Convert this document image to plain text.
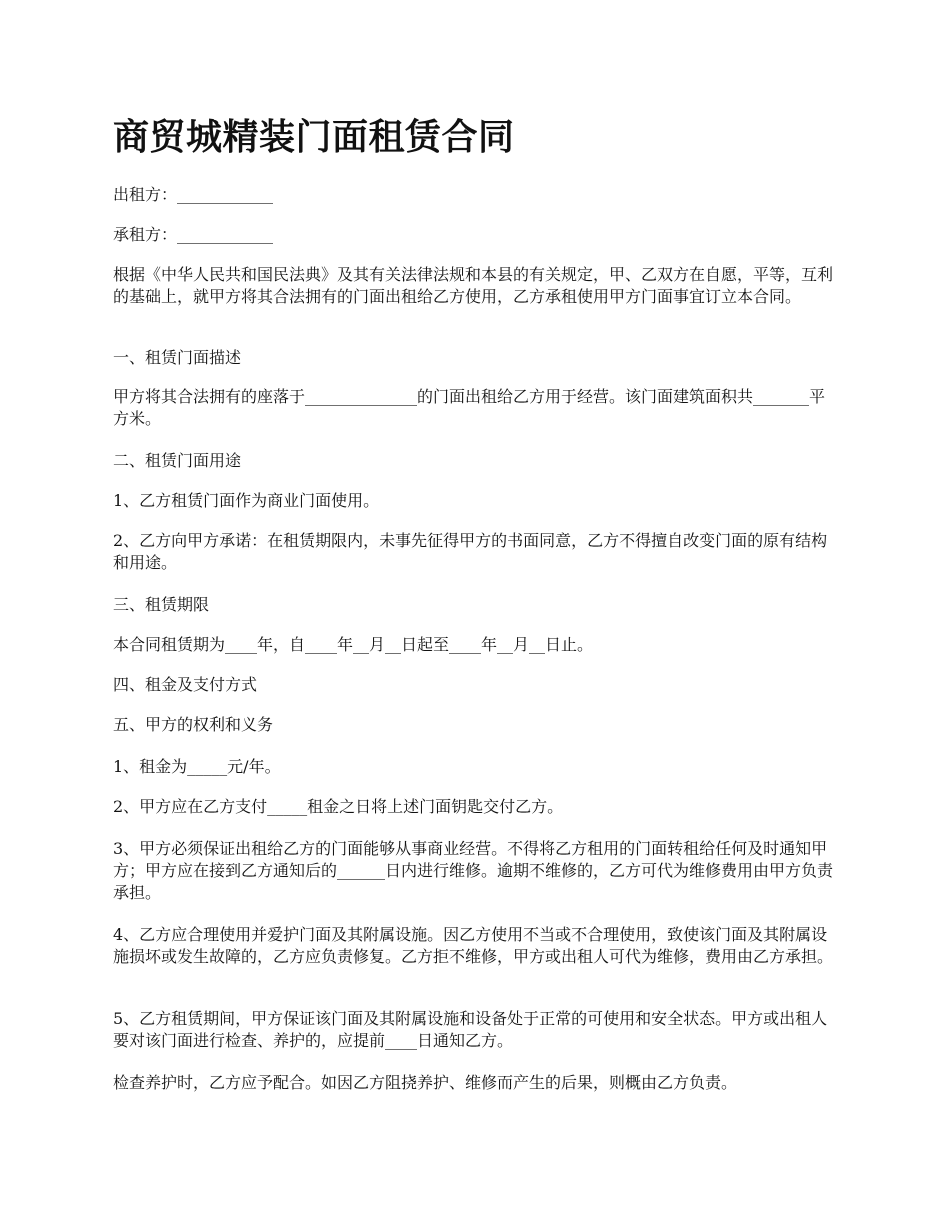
商贸城精装门面租赁合同

出租方：____________

承租方：____________

根据《中华人民共和国民法典》及其有关法律法规和本县的有关规定，甲、乙双方在自愿，平等，互利的基础上，就甲方将其合法拥有的门面出租给乙方使用，乙方承租使用甲方门面事宜订立本合同。

一、租赁门面描述

甲方将其合法拥有的座落于______________的门面出租给乙方用于经营。该门面建筑面积共_______平方米。

二、租赁门面用途

1、乙方租赁门面作为商业门面使用。

2、乙方向甲方承诺：在租赁期限内，未事先征得甲方的书面同意，乙方不得擅自改变门面的原有结构和用途。

三、租赁期限

本合同租赁期为____年，自____年__月__日起至____年__月__日止。

四、租金及支付方式

五、甲方的权利和义务

1、租金为_____元/年。

2、甲方应在乙方支付_____租金之日将上述门面钥匙交付乙方。

3、甲方必须保证出租给乙方的门面能够从事商业经营。不得将乙方租用的门面转租给任何及时通知甲方；甲方应在接到乙方通知后的______日内进行维修。逾期不维修的，乙方可代为维修费用由甲方负责承担。

4、乙方应合理使用并爱护门面及其附属设施。因乙方使用不当或不合理使用，致使该门面及其附属设施损坏或发生故障的，乙方应负责修复。乙方拒不维修，甲方或出租人可代为维修，费用由乙方承担。

5、乙方租赁期间，甲方保证该门面及其附属设施和设备处于正常的可使用和安全状态。甲方或出租人要对该门面进行检查、养护的，应提前____日通知乙方。

检查养护时，乙方应予配合。如因乙方阻挠养护、维修而产生的后果，则概由乙方负责。
